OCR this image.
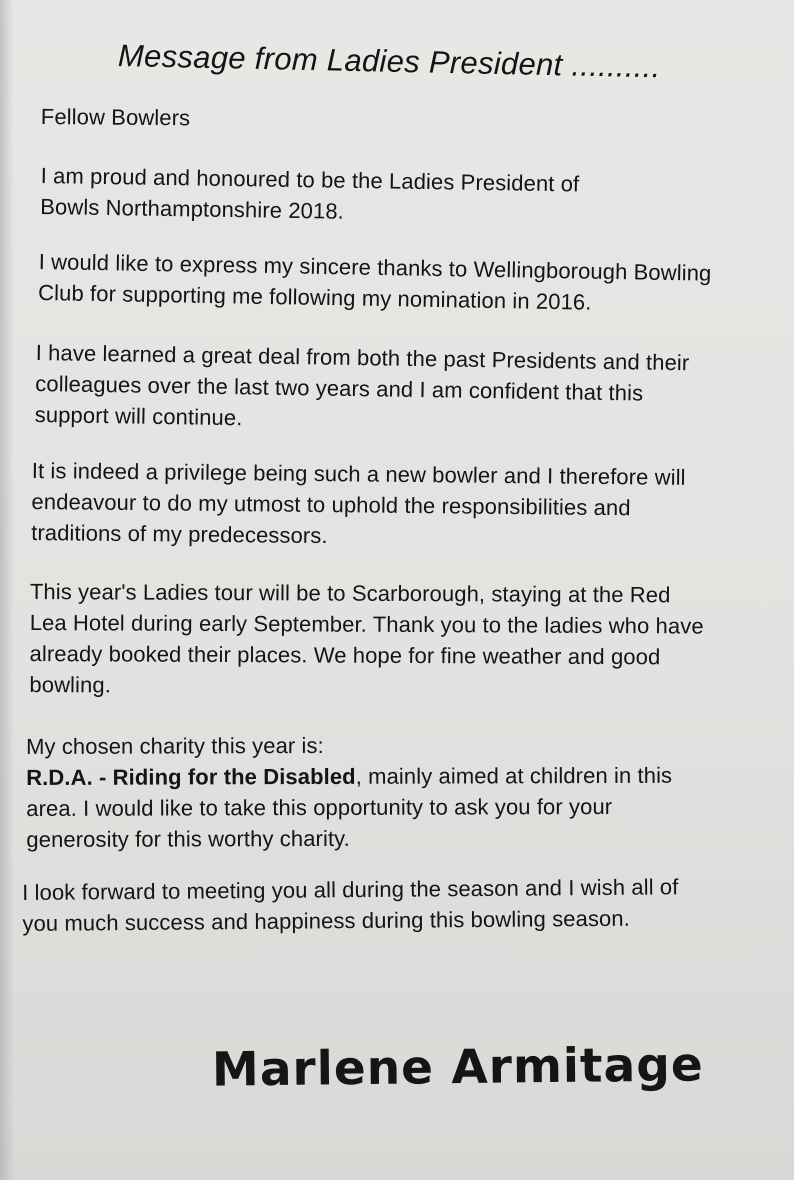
Message from Ladies President ..........
Fellow Bowlers
I am proud and honoured to be the Ladies President of
Bowls Northamptonshire 2018.
I would like to express my sincere thanks to Wellingborough Bowling
Club for supporting me following my nomination in 2016.
I have learned a great deal from both the past Presidents and their
colleagues over the last two years and I am confident that this
support will continue.
It is indeed a privilege being such a new bowler and I therefore will
endeavour to do my utmost to uphold the responsibilities and
traditions of my predecessors.
This year's Ladies tour will be to Scarborough, staying at the Red
Lea Hotel during early September. Thank you to the ladies who have
already booked their places. We hope for fine weather and good
bowling.
My chosen charity this year is:
R.D.A. - Riding for the Disabled, mainly aimed at children in this
area. I would like to take this opportunity to ask you for your
generosity for this worthy charity.
I look forward to meeting you all during the season and I wish all of
you much success and happiness during this bowling season.
Marlene Armitage
